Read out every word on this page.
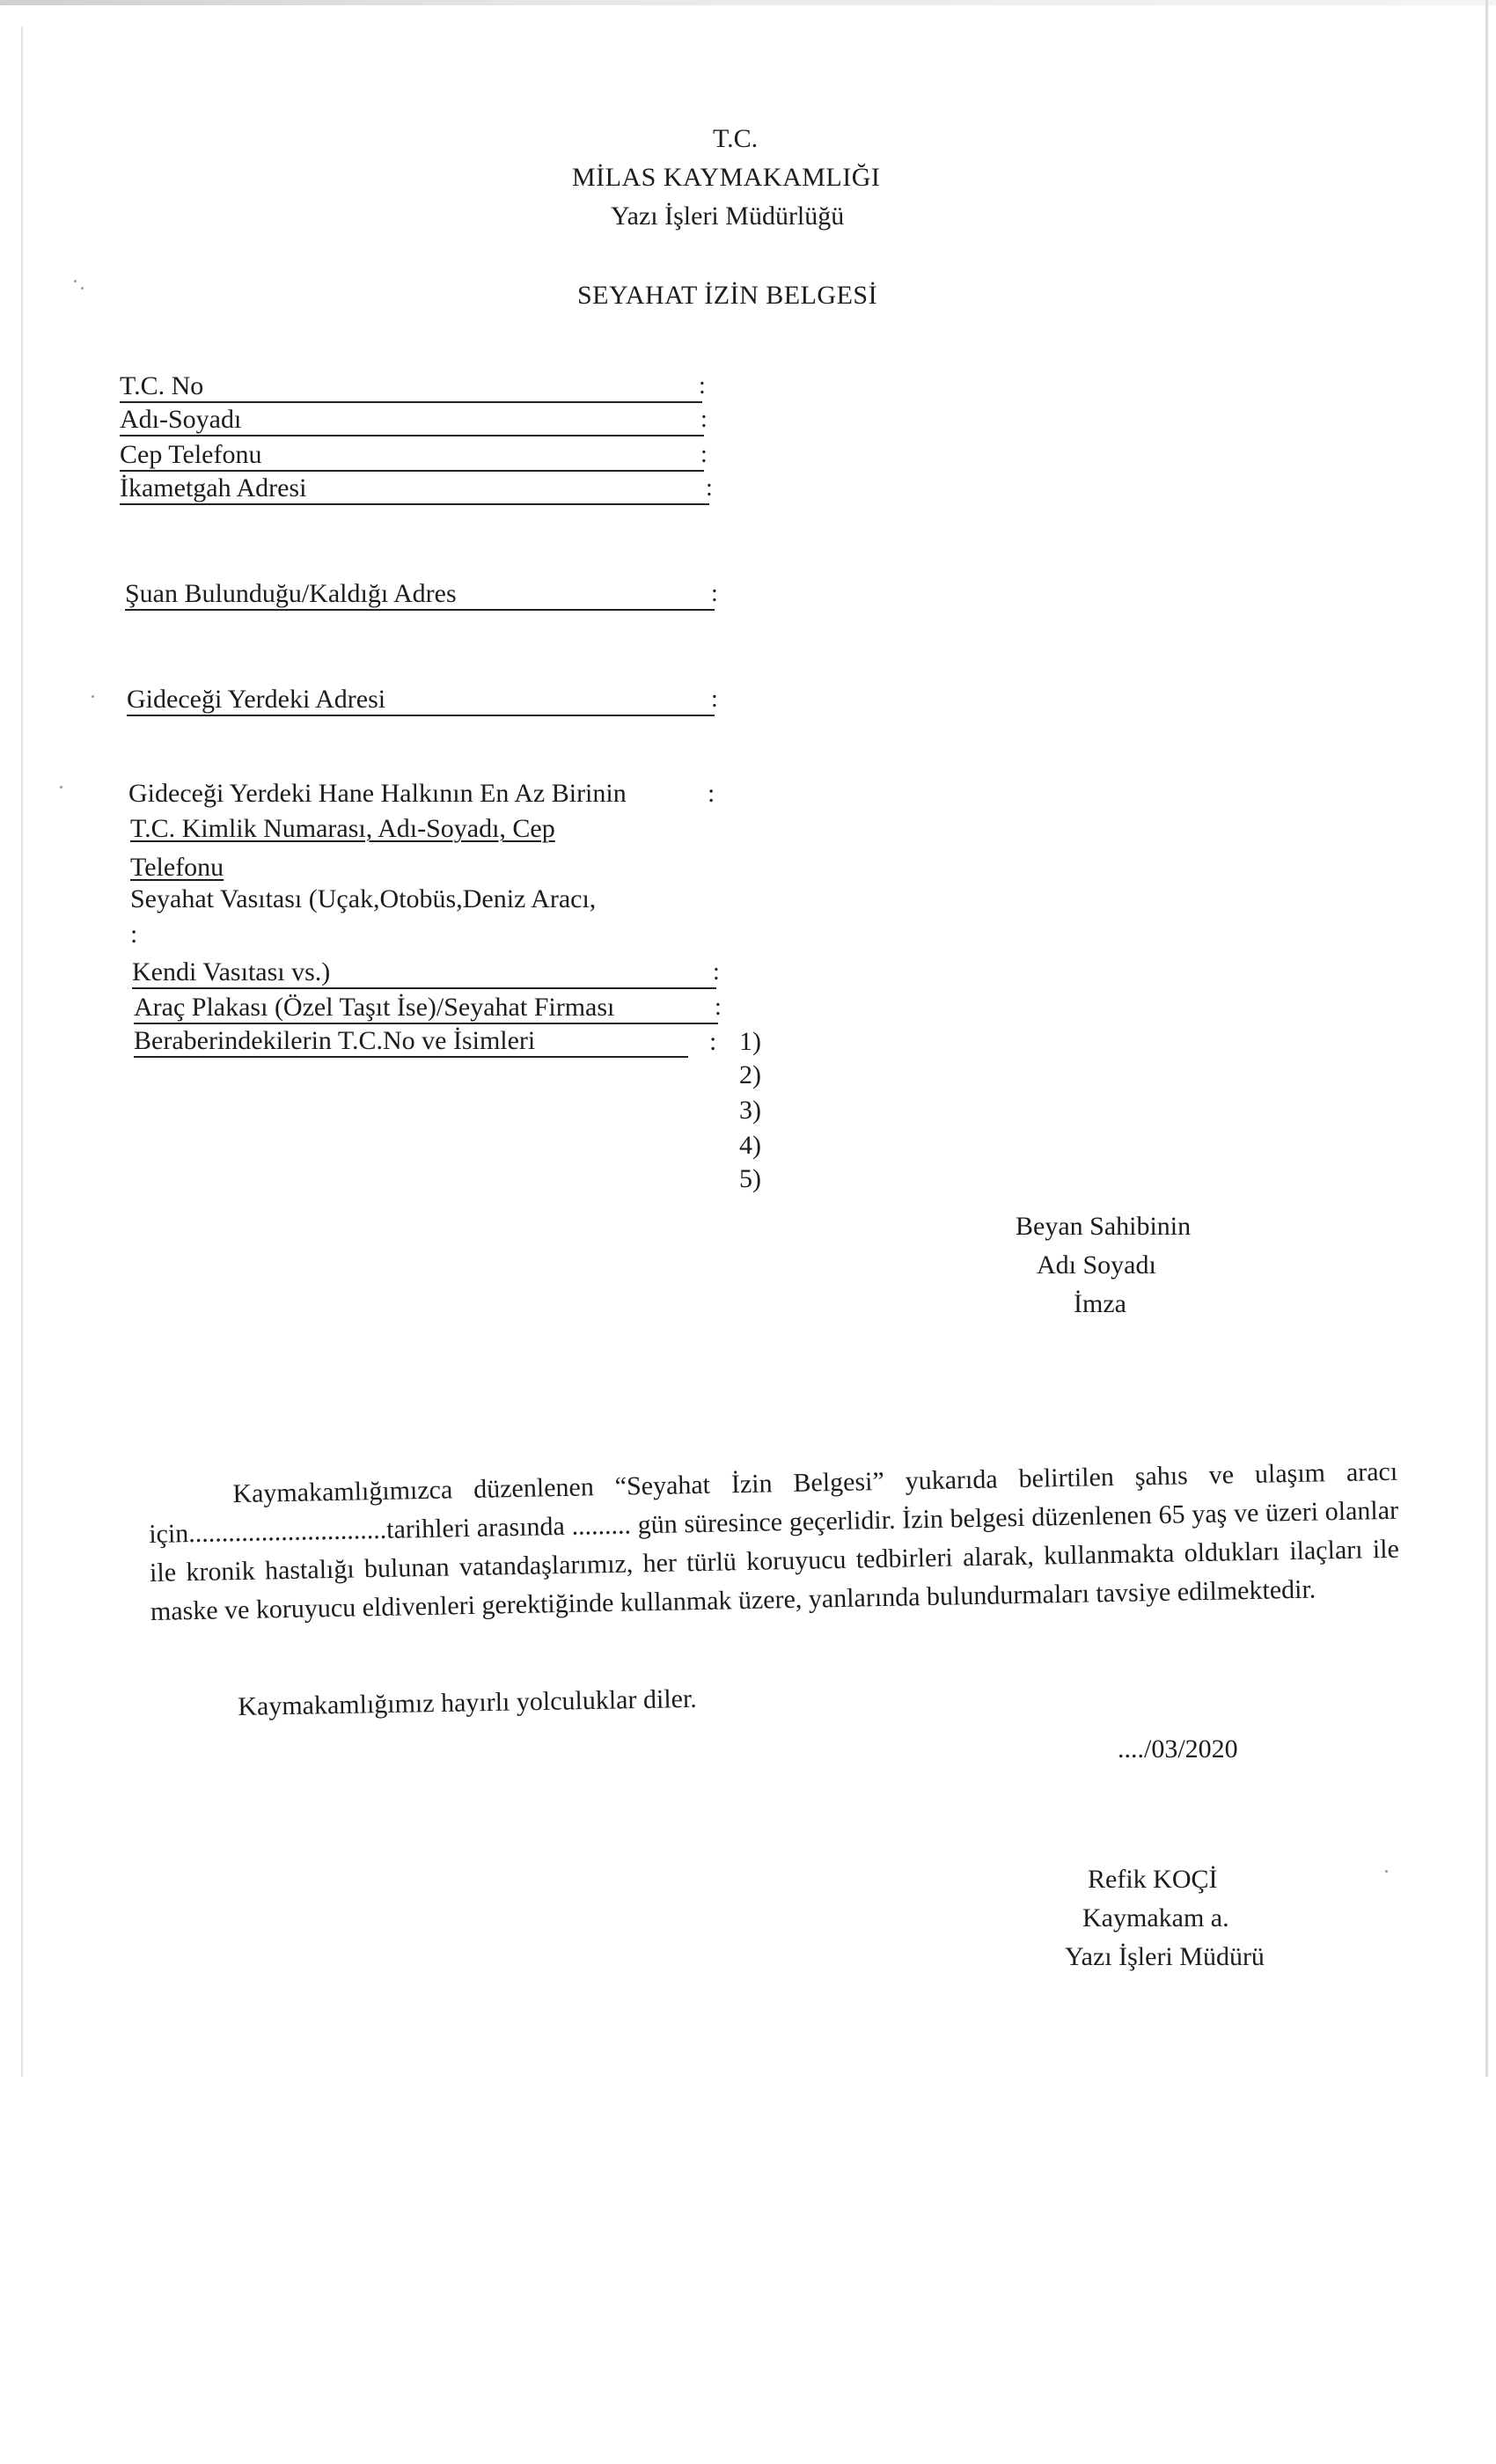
T.C.
MİLAS KAYMAKAMLIĞI
Yazı İşleri Müdürlüğü
SEYAHAT İZİN BELGESİ
T.C. No	:
Adı-Soyadı	:
Cep Telefonu	:
İkametgah Adresi	:
Şuan Bulunduğu/Kaldığı Adres	:
Gideceği Yerdeki Adresi	:
Gideceği Yerdeki Hane Halkının En Az Birinin	:
T.C. Kimlik Numarası, Adı-Soyadı, Cep
Telefonu
Seyahat Vasıtası (Uçak,Otobüs,Deniz Aracı,
:
Kendi Vasıtası vs.)	:
Araç Plakası (Özel Taşıt İse)/Seyahat Firması	:
Beraberindekilerin T.C.No ve İsimleri	: 1)
2)
3)
4)
5)
Beyan Sahibinin
Adı Soyadı
İmza
Kaymakamlığımızca düzenlenen “Seyahat İzin Belgesi” yukarıda belirtilen şahıs ve ulaşım aracı için..............................tarihleri arasında ......... gün süresince geçerlidir. İzin belgesi düzenlenen 65 yaş ve üzeri olanlar ile kronik hastalığı bulunan vatandaşlarımız, her türlü koruyucu tedbirleri alarak, kullanmakta oldukları ilaçları ile maske ve koruyucu eldivenleri gerektiğinde kullanmak üzere, yanlarında bulundurmaları tavsiye edilmektedir.
Kaymakamlığımız hayırlı yolculuklar diler.
..../03/2020
Refik KOÇİ
Kaymakam a.
Yazı İşleri Müdürü
